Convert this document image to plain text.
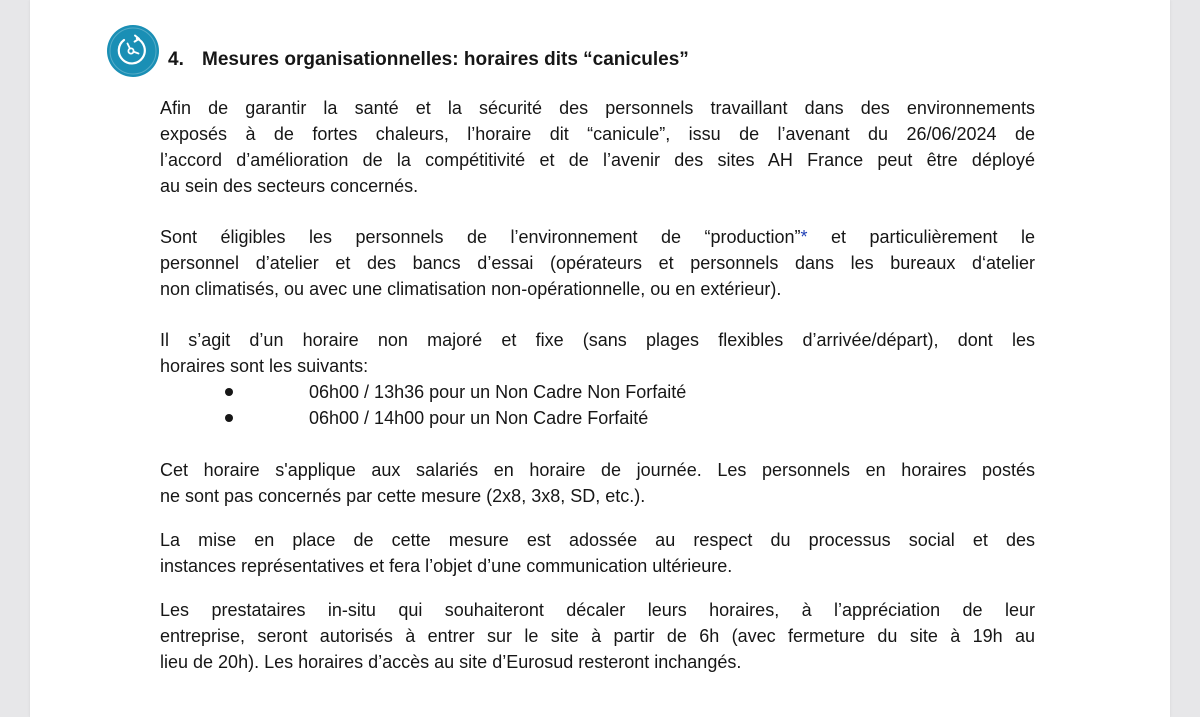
4. Mesures organisationnelles: horaires dits “canicules”
Afin de garantir la santé et la sécurité des personnels travaillant dans des environnements
exposés à de fortes chaleurs, l’horaire dit “canicule”, issu de l’avenant du 26/06/2024 de
l’accord d’amélioration de la compétitivité et de l’avenir des sites AH France peut être déployé
au sein des secteurs concernés.
Sont éligibles les personnels de l’environnement de “production”* et particulièrement le
personnel d’atelier et des bancs d’essai (opérateurs et personnels dans les bureaux d‘atelier
non climatisés, ou avec une climatisation non-opérationnelle, ou en extérieur).
Il s’agit d’un horaire non majoré et fixe (sans plages flexibles d’arrivée/départ), dont les
horaires sont les suivants:
06h00 / 13h36 pour un Non Cadre Non Forfaité
06h00 / 14h00 pour un Non Cadre Forfaité
Cet horaire s'applique aux salariés en horaire de journée. Les personnels en horaires postés
ne sont pas concernés par cette mesure (2x8, 3x8, SD, etc.).
La mise en place de cette mesure est adossée au respect du processus social et des
instances représentatives et fera l’objet d’une communication ultérieure.
Les prestataires in-situ qui souhaiteront décaler leurs horaires, à l’appréciation de leur
entreprise, seront autorisés à entrer sur le site à partir de 6h (avec fermeture du site à 19h au
lieu de 20h). Les horaires d’accès au site d’Eurosud resteront inchangés.
